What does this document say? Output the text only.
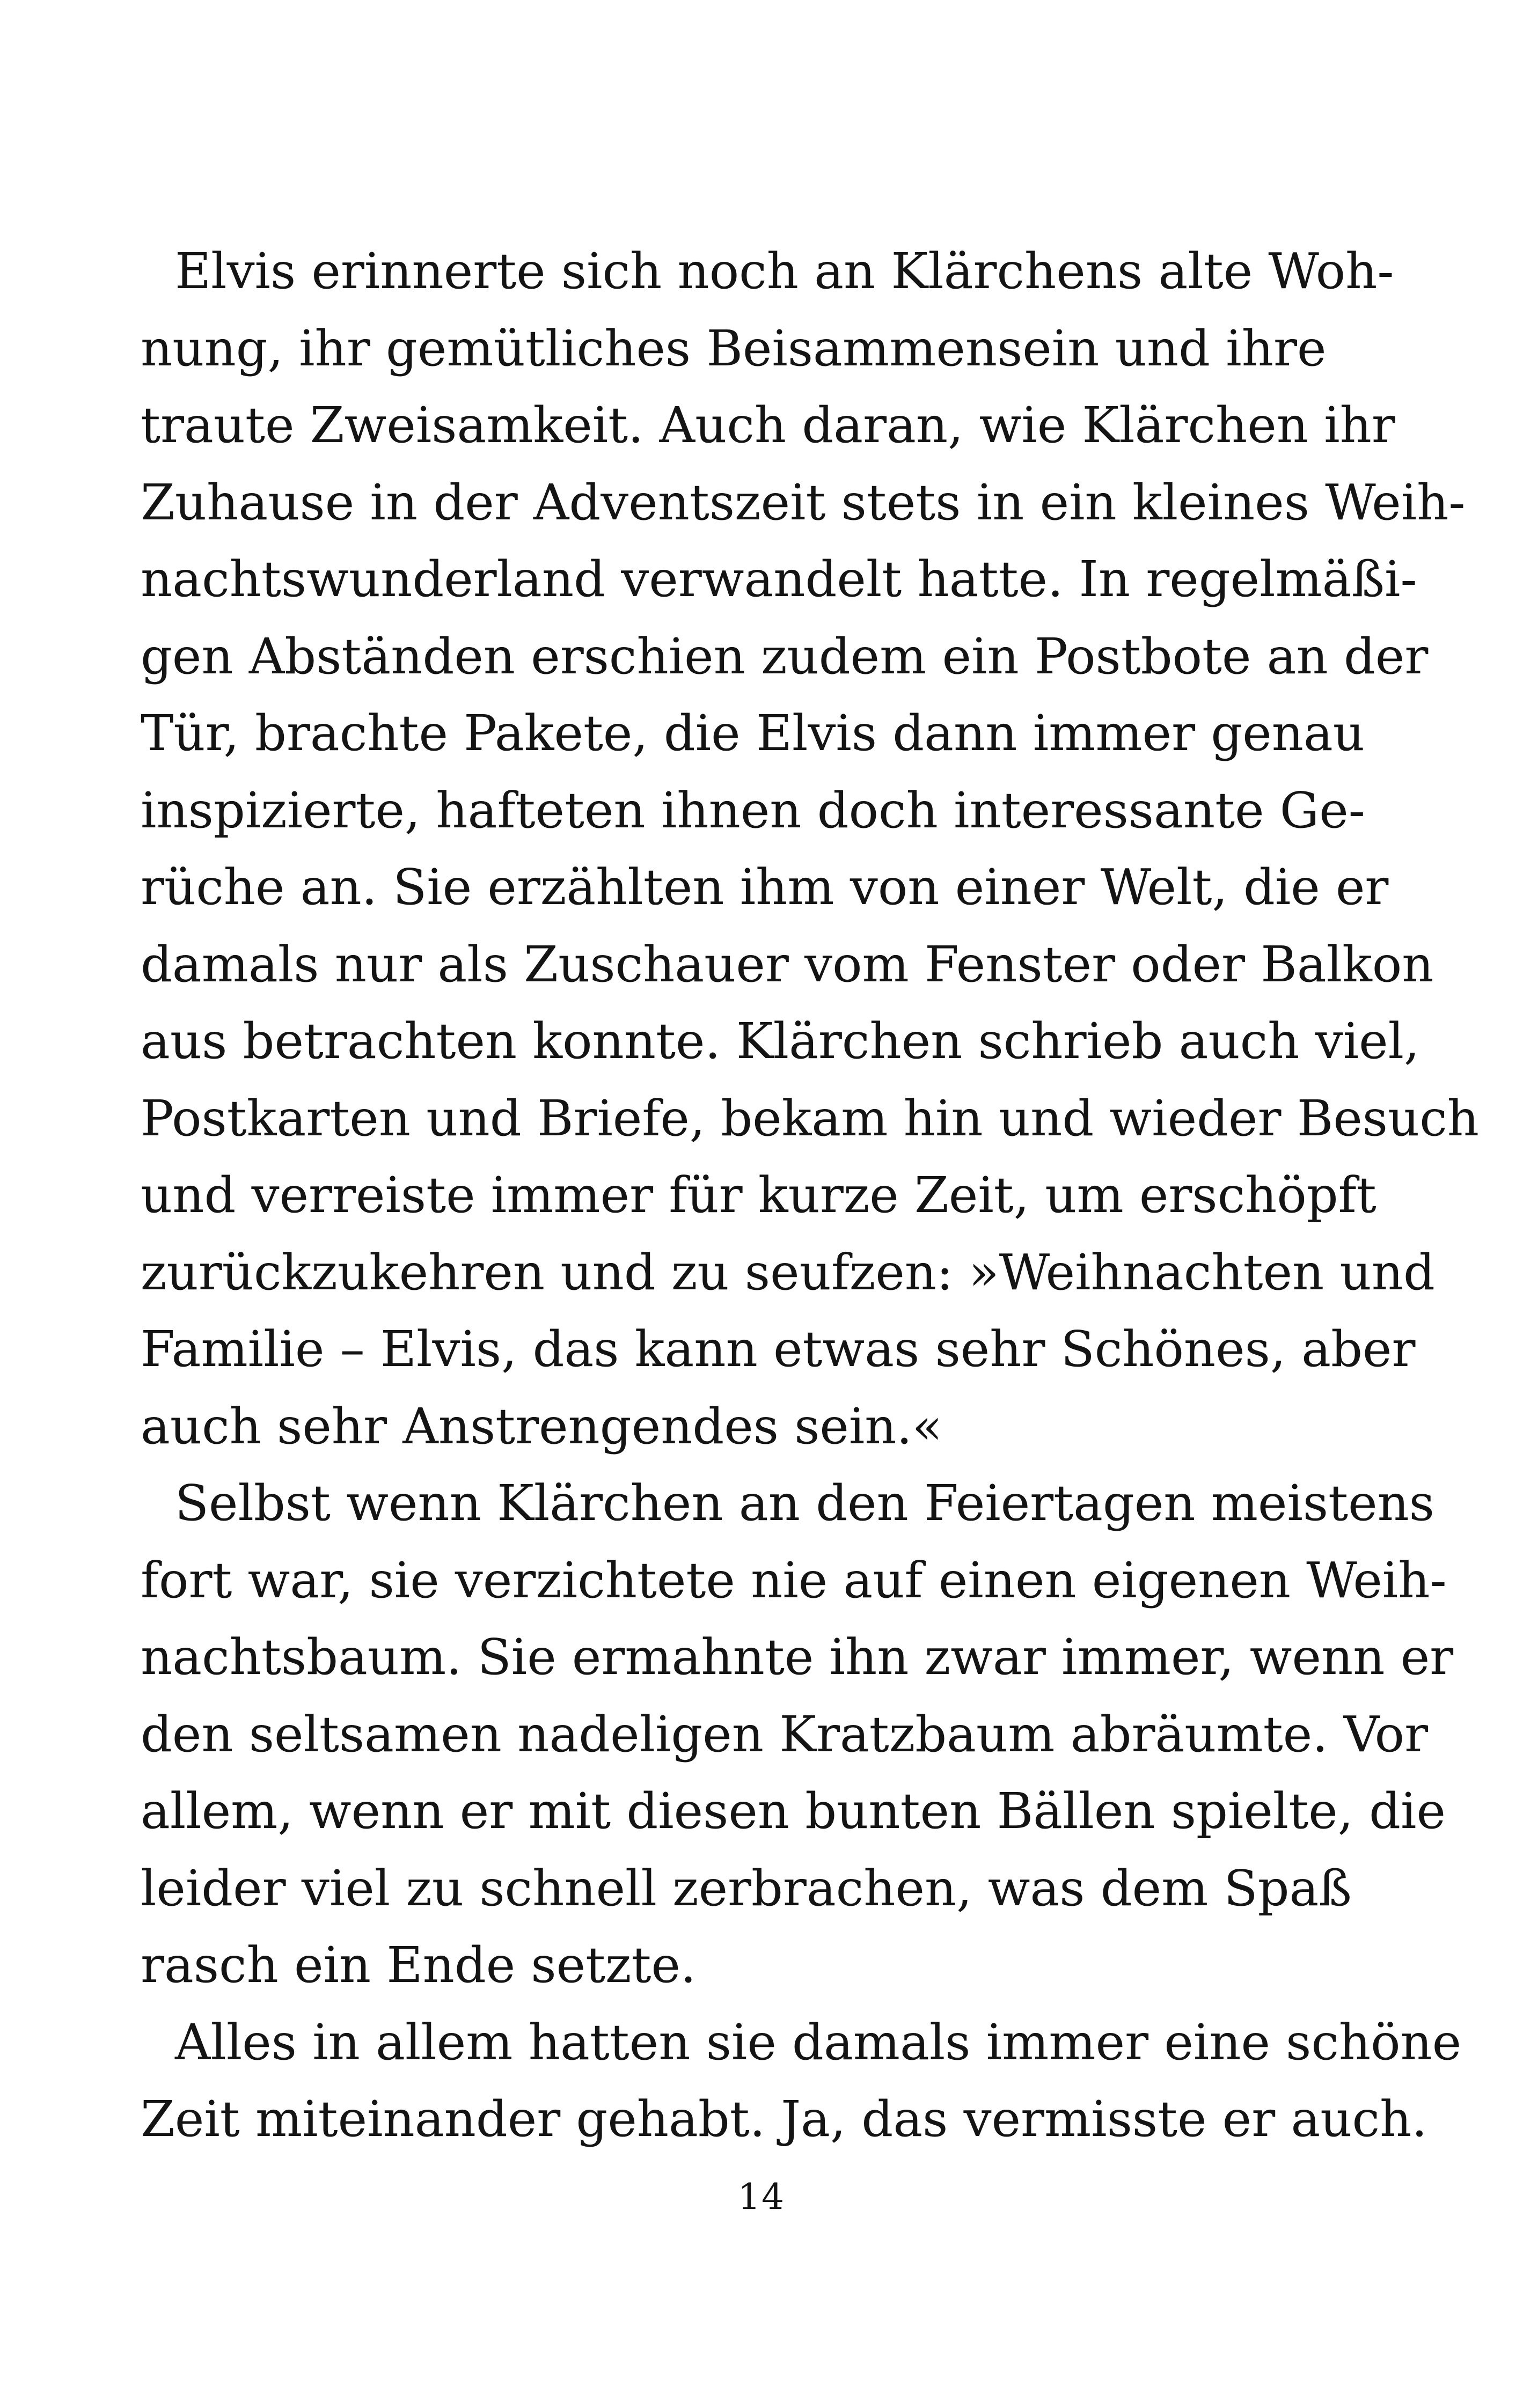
Elvis erinnerte sich noch an Klärchens alte Woh-
nung, ihr gemütliches Beisammensein und ihre
traute Zweisamkeit. Auch daran, wie Klärchen ihr
Zuhause in der Adventszeit stets in ein kleines Weih-
nachtswunderland verwandelt hatte. In regelmäßi-
gen Abständen erschien zudem ein Postbote an der
Tür, brachte Pakete, die Elvis dann immer genau
inspizierte, hafteten ihnen doch interessante Ge-
rüche an. Sie erzählten ihm von einer Welt, die er
damals nur als Zuschauer vom Fenster oder Balkon
aus betrachten konnte. Klärchen schrieb auch viel,
Postkarten und Briefe, bekam hin und wieder Besuch
und verreiste immer für kurze Zeit, um erschöpft
zurückzukehren und zu seufzen: »Weihnachten und
Familie – Elvis, das kann etwas sehr Schönes, aber
auch sehr Anstrengendes sein.«
Selbst wenn Klärchen an den Feiertagen meistens
fort war, sie verzichtete nie auf einen eigenen Weih-
nachtsbaum. Sie ermahnte ihn zwar immer, wenn er
den seltsamen nadeligen Kratzbaum abräumte. Vor
allem, wenn er mit diesen bunten Bällen spielte, die
leider viel zu schnell zerbrachen, was dem Spaß
rasch ein Ende setzte.
Alles in allem hatten sie damals immer eine schöne
Zeit miteinander gehabt. Ja, das vermisste er auch.
14
